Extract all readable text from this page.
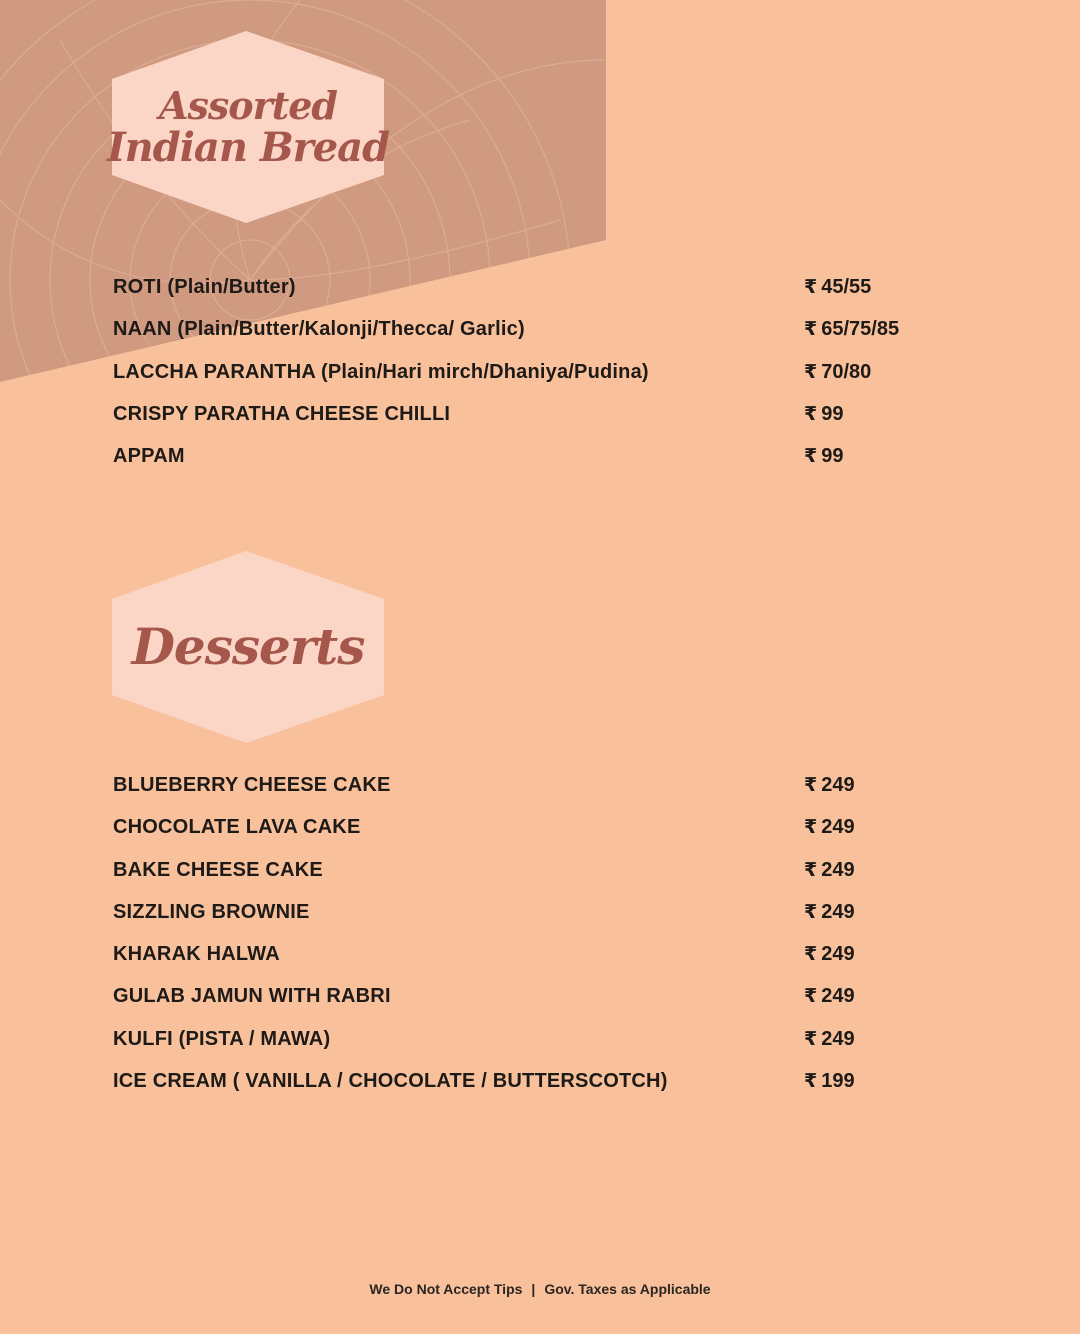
Assorted
Indian Bread
ROTI (Plain/Butter)	₹ 45/55
NAAN (Plain/Butter/Kalonji/Thecca/ Garlic)	₹ 65/75/85
LACCHA PARANTHA (Plain/Hari mirch/Dhaniya/Pudina)	₹ 70/80
CRISPY PARATHA CHEESE CHILLI	₹ 99
APPAM	₹ 99
Desserts
BLUEBERRY CHEESE CAKE	₹ 249
CHOCOLATE LAVA CAKE	₹ 249
BAKE CHEESE CAKE	₹ 249
SIZZLING BROWNIE	₹ 249
KHARAK HALWA	₹ 249
GULAB JAMUN WITH RABRI	₹ 249
KULFI (PISTA / MAWA)	₹ 249
ICE CREAM ( VANILLA / CHOCOLATE / BUTTERSCOTCH)	₹ 199
We Do Not Accept Tips | Gov. Taxes as Applicable
